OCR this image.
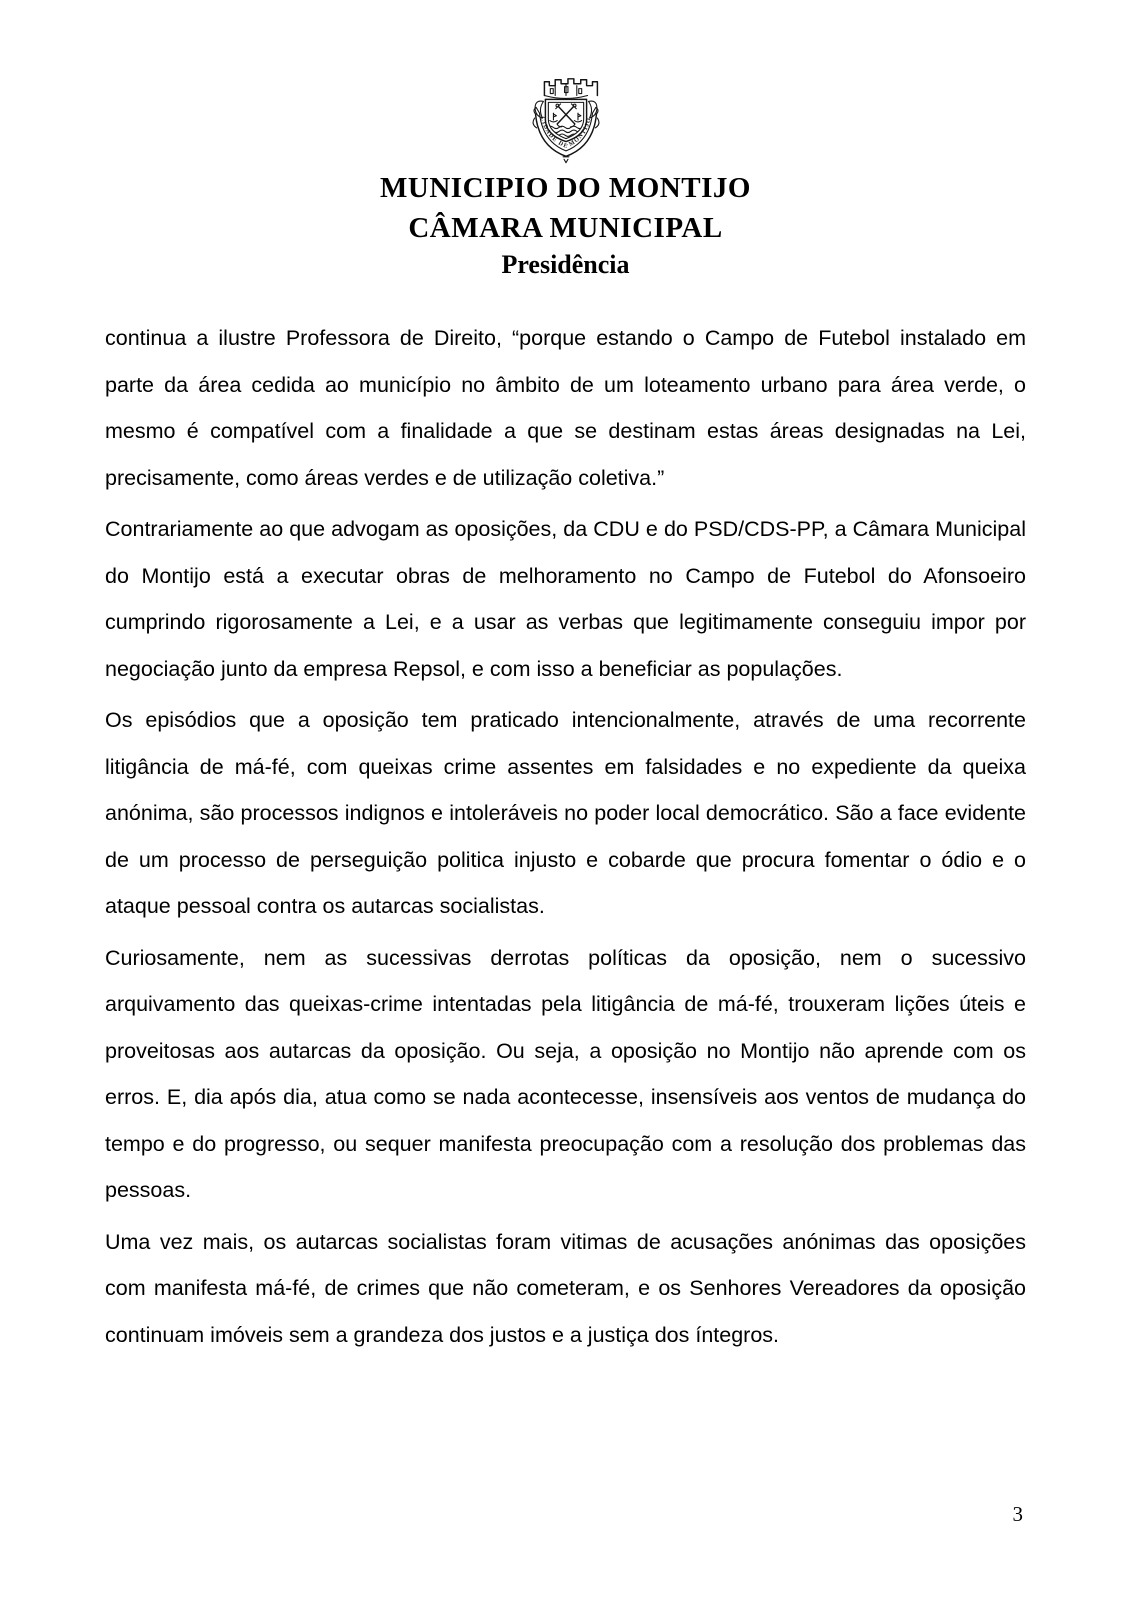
CIDADE DE MONTIJO
MUNICIPIO DO MONTIJO
CÂMARA MUNICIPAL
Presidência

continua a ilustre Professora de Direito, “porque estando o Campo de Futebol instalado em parte da área cedida ao município no âmbito de um loteamento urbano para área verde, o mesmo é compatível com a finalidade a que se destinam estas áreas designadas na Lei, precisamente, como áreas verdes e de utilização coletiva.”

Contrariamente ao que advogam as oposições, da CDU e do PSD/CDS-PP, a Câmara Municipal do Montijo está a executar obras de melhoramento no Campo de Futebol do Afonsoeiro cumprindo rigorosamente a Lei, e a usar as verbas que legitimamente conseguiu impor por negociação junto da empresa Repsol, e com isso a beneficiar as populações.

Os episódios que a oposição tem praticado intencionalmente, através de uma recorrente litigância de má-fé, com queixas crime assentes em falsidades e no expediente da queixa anónima, são processos indignos e intoleráveis no poder local democrático. São a face evidente de um processo de perseguição politica injusto e cobarde que procura fomentar o ódio e o ataque pessoal contra os autarcas socialistas.

Curiosamente, nem as sucessivas derrotas políticas da oposição, nem o sucessivo arquivamento das queixas-crime intentadas pela litigância de má-fé, trouxeram lições úteis e proveitosas aos autarcas da oposição. Ou seja, a oposição no Montijo não aprende com os erros. E, dia após dia, atua como se nada acontecesse, insensíveis aos ventos de mudança do tempo e do progresso, ou sequer manifesta preocupação com a resolução dos problemas das pessoas.

Uma vez mais, os autarcas socialistas foram vitimas de acusações anónimas das oposições com manifesta má-fé, de crimes que não cometeram, e os Senhores Vereadores da oposição continuam imóveis sem a grandeza dos justos e a justiça dos íntegros.

3
